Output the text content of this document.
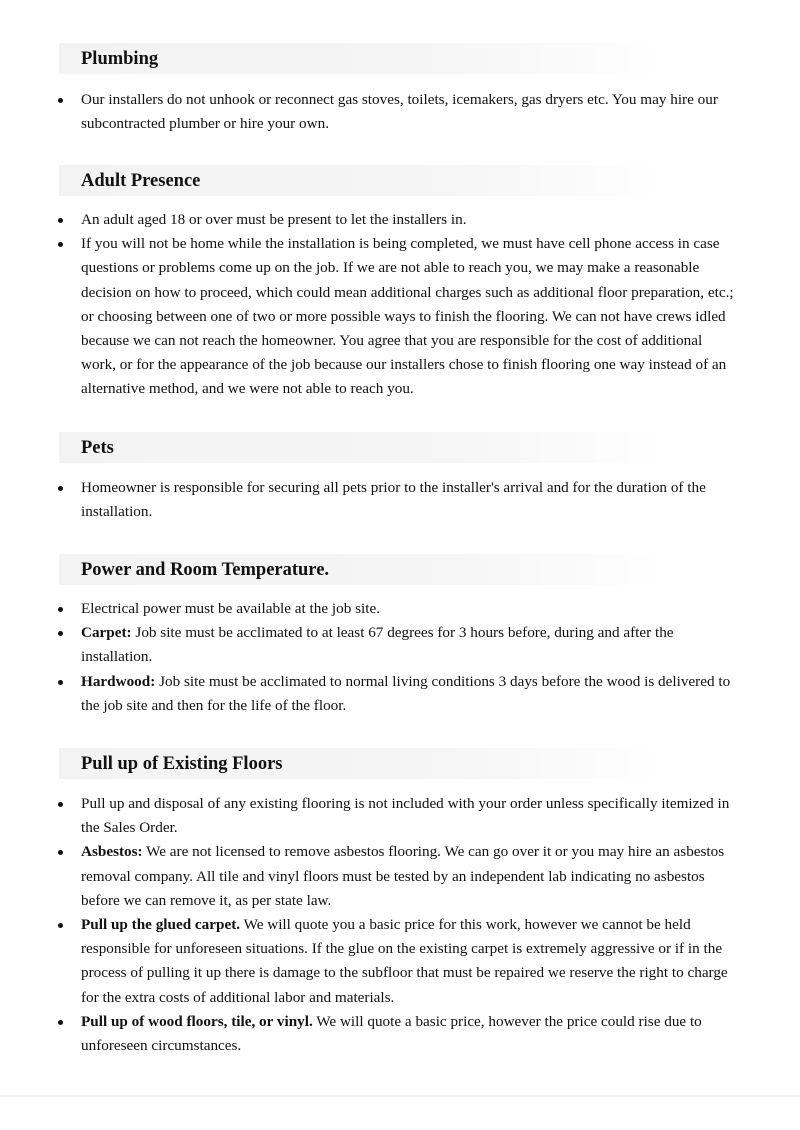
Plumbing
Our installers do not unhook or reconnect gas stoves, toilets, icemakers, gas dryers etc. You may hire our subcontracted plumber or hire your own.
Adult Presence
An adult aged 18 or over must be present to let the installers in.
If you will not be home while the installation is being completed, we must have cell phone access in case questions or problems come up on the job. If we are not able to reach you, we may make a reasonable decision on how to proceed, which could mean additional charges such as additional floor preparation, etc.; or choosing between one of two or more possible ways to finish the flooring. We can not have crews idled because we can not reach the homeowner. You agree that you are responsible for the cost of additional work, or for the appearance of the job because our installers chose to finish flooring one way instead of an alternative method, and we were not able to reach you.
Pets
Homeowner is responsible for securing all pets prior to the installer's arrival and for the duration of the installation.
Power and Room Temperature.
Electrical power must be available at the job site.
Carpet: Job site must be acclimated to at least 67 degrees for 3 hours before, during and after the installation.
Hardwood: Job site must be acclimated to normal living conditions 3 days before the wood is delivered to the job site and then for the life of the floor.
Pull up of Existing Floors
Pull up and disposal of any existing flooring is not included with your order unless specifically itemized in the Sales Order.
Asbestos: We are not licensed to remove asbestos flooring. We can go over it or you may hire an asbestos removal company. All tile and vinyl floors must be tested by an independent lab indicating no asbestos before we can remove it, as per state law.
Pull up the glued carpet. We will quote you a basic price for this work, however we cannot be held responsible for unforeseen situations. If the glue on the existing carpet is extremely aggressive or if in the process of pulling it up there is damage to the subfloor that must be repaired we reserve the right to charge for the extra costs of additional labor and materials.
Pull up of wood floors, tile, or vinyl. We will quote a basic price, however the price could rise due to unforeseen circumstances.
